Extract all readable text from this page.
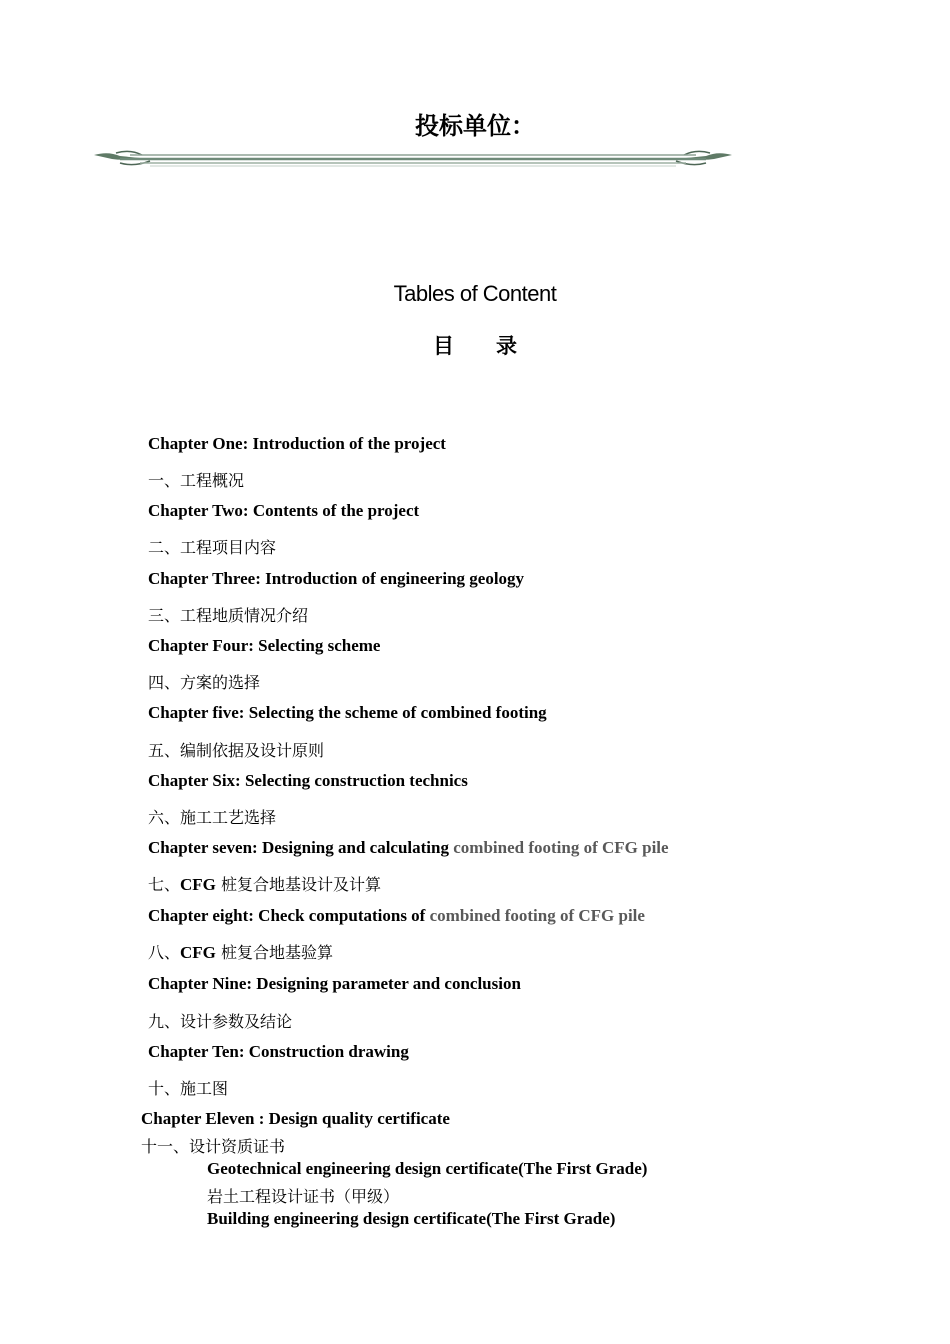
投标单位：
Tables of Content
目录
Chapter One: Introduction of the project
一、工程概况
Chapter Two: Contents of the project
二、工程项目内容
Chapter Three: Introduction of engineering geology
三、工程地质情况介绍
Chapter Four: Selecting scheme
四、方案的选择
Chapter five: Selecting the scheme of combined footing
五、编制依据及设计原则
Chapter Six: Selecting construction technics
六、施工工艺选择
Chapter seven: Designing and calculating combined footing of CFG pile
七、CFG 桩复合地基设计及计算
Chapter eight: Check computations of combined footing of CFG pile
八、CFG 桩复合地基验算
Chapter Nine: Designing parameter and conclusion
九、设计参数及结论
Chapter Ten: Construction drawing
十、施工图
Chapter Eleven : Design quality certificate
十一、设计资质证书
Geotechnical engineering design certificate(The First Grade)
岩土工程设计证书（甲级）
Building engineering design certificate(The First Grade)
